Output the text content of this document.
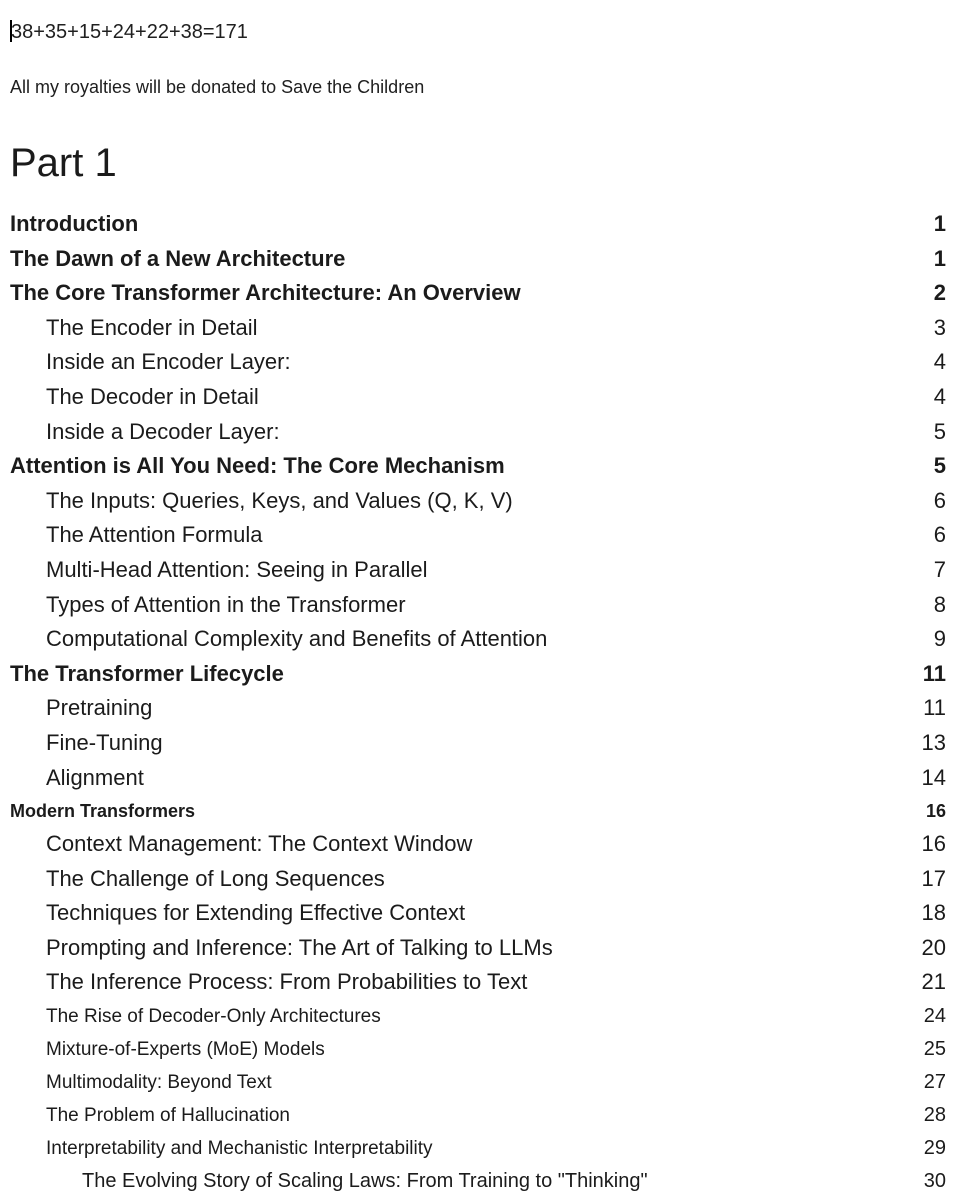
38+35+15+24+22+38=171
All my royalties will be donated to Save the Children
Part 1
Introduction	1
The Dawn of a New Architecture	1
The Core Transformer Architecture: An Overview	2
The Encoder in Detail	3
Inside an Encoder Layer:	4
The Decoder in Detail	4
Inside a Decoder Layer:	5
Attention is All You Need: The Core Mechanism	5
The Inputs: Queries, Keys, and Values (Q, K, V)	6
The Attention Formula	6
Multi-Head Attention: Seeing in Parallel	7
Types of Attention in the Transformer	8
Computational Complexity and Benefits of Attention	9
The Transformer Lifecycle	11
Pretraining	11
Fine-Tuning	13
Alignment	14
Modern Transformers	16
Context Management: The Context Window	16
The Challenge of Long Sequences	17
Techniques for Extending Effective Context	18
Prompting and Inference: The Art of Talking to LLMs	20
The Inference Process: From Probabilities to Text	21
The Rise of Decoder-Only Architectures	24
Mixture-of-Experts (MoE) Models	25
Multimodality: Beyond Text	27
The Problem of Hallucination	28
Interpretability and Mechanistic Interpretability	29
The Evolving Story of Scaling Laws: From Training to "Thinking"	30
